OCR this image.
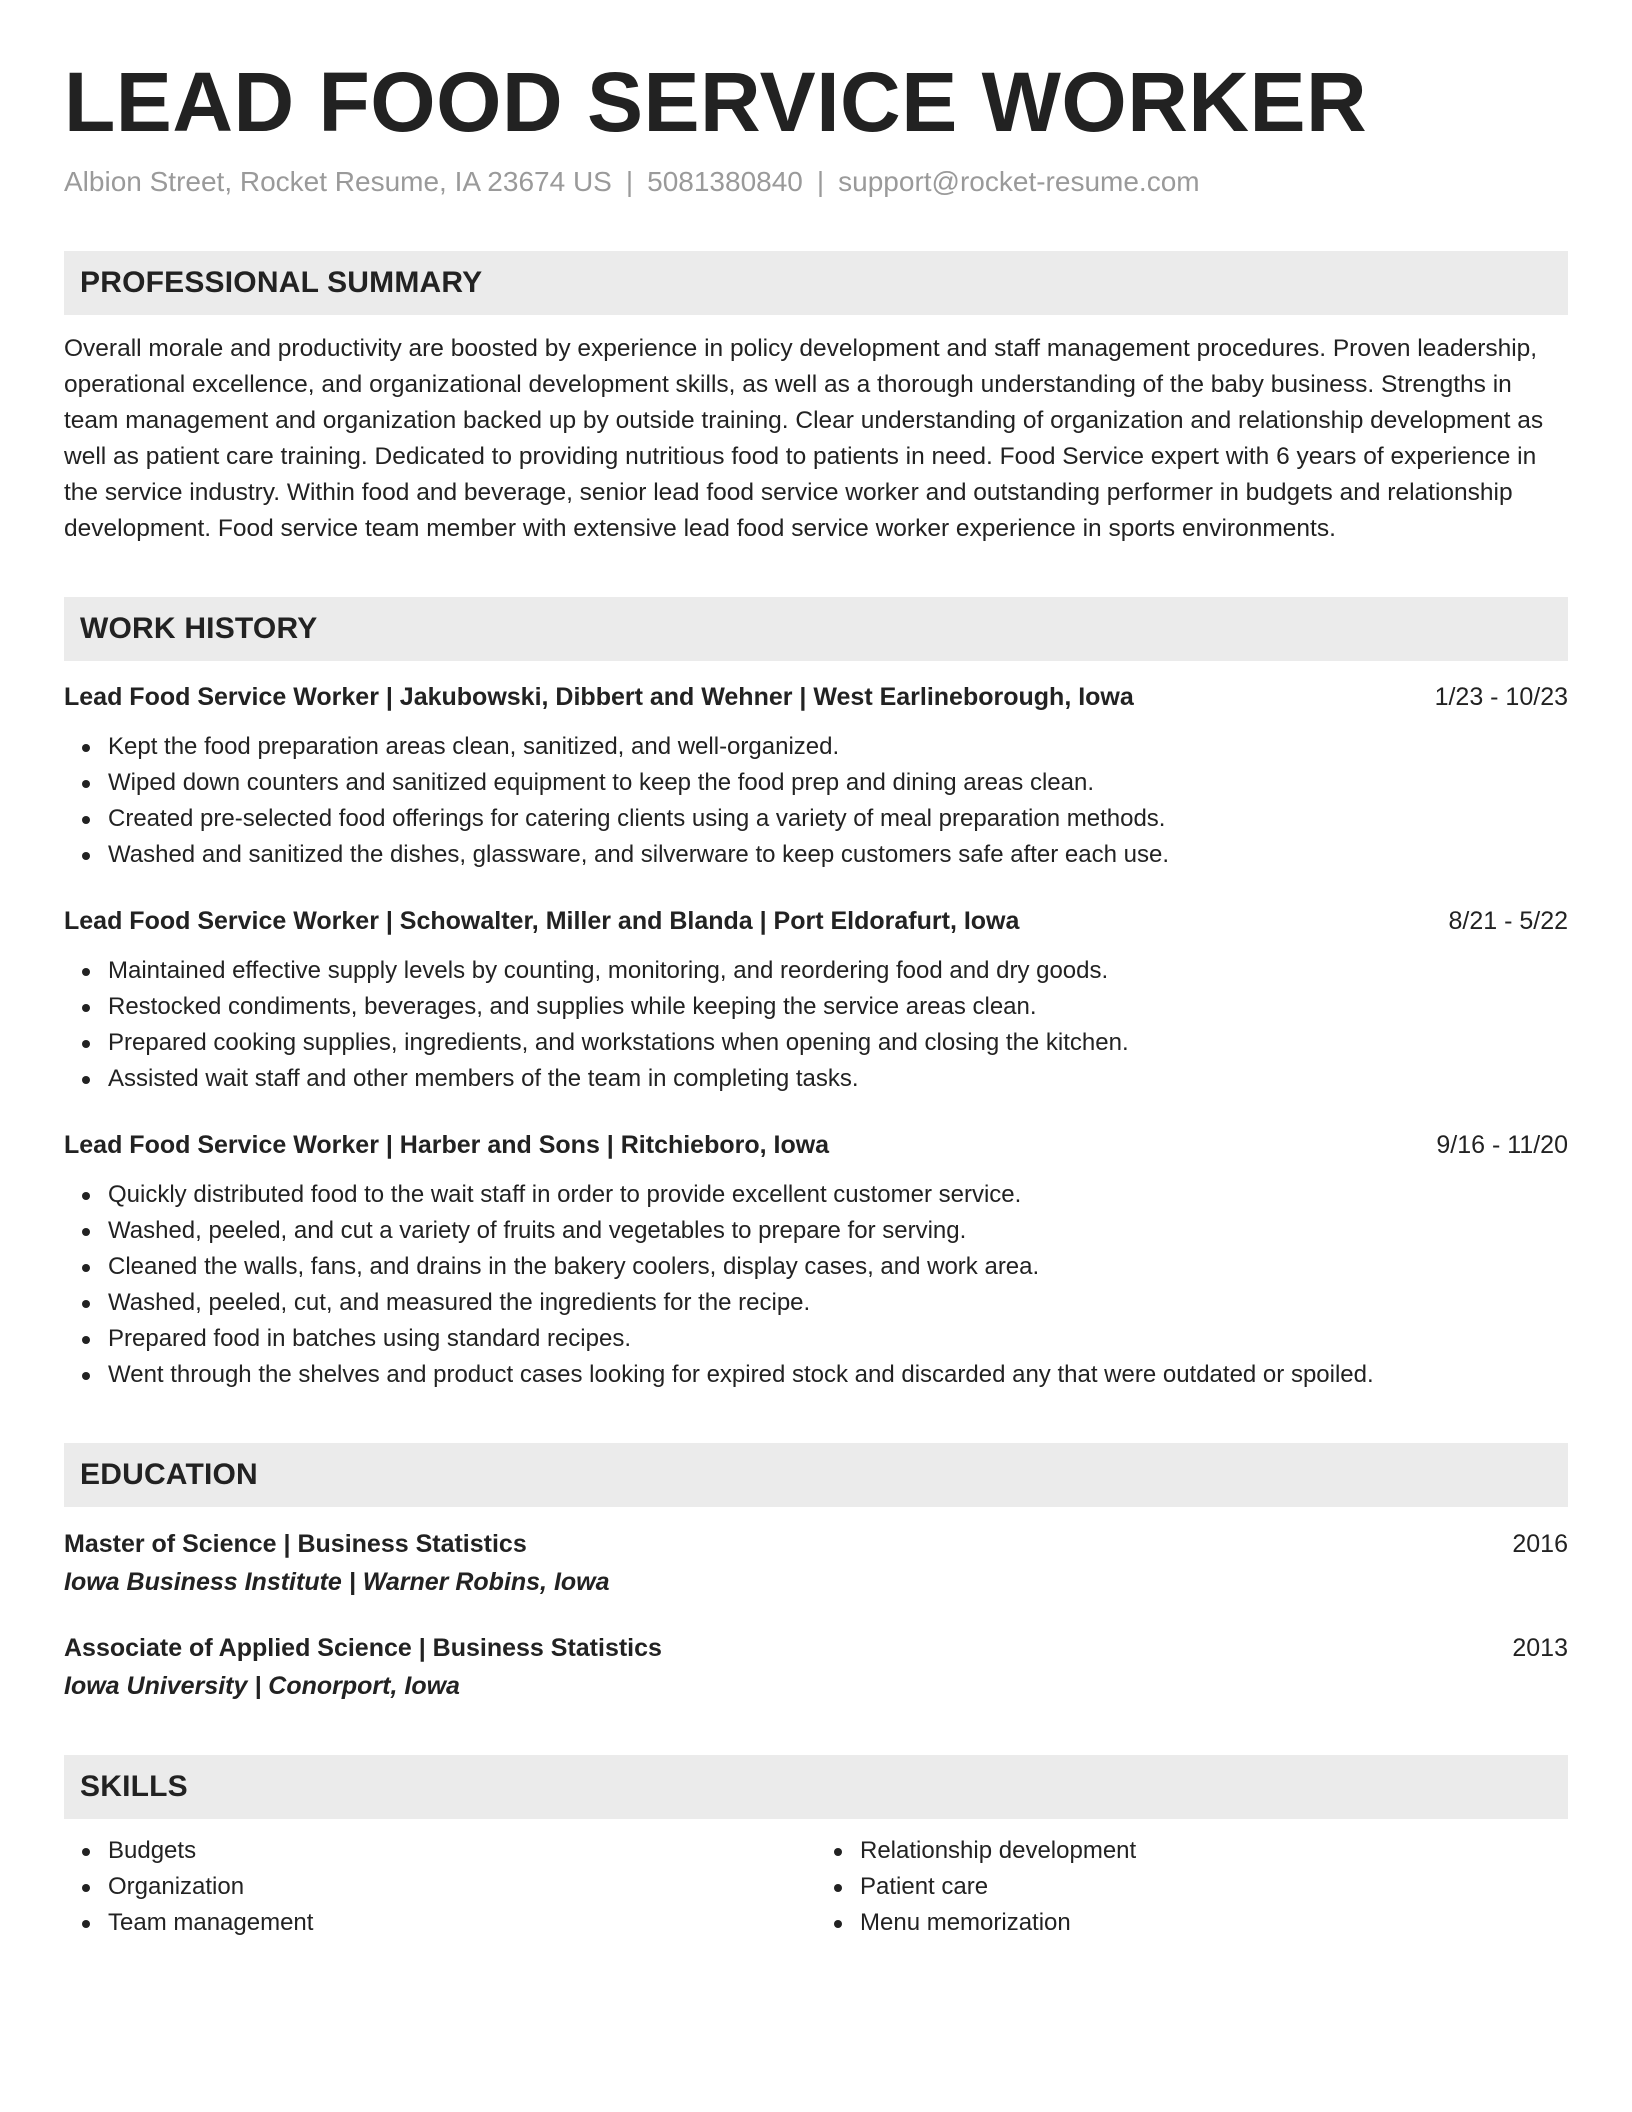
LEAD FOOD SERVICE WORKER
Albion Street, Rocket Resume, IA 23674 US | 5081380840 | support@rocket-resume.com
PROFESSIONAL SUMMARY
Overall morale and productivity are boosted by experience in policy development and staff management procedures. Proven leadership, operational excellence, and organizational development skills, as well as a thorough understanding of the baby business. Strengths in team management and organization backed up by outside training. Clear understanding of organization and relationship development as well as patient care training. Dedicated to providing nutritious food to patients in need. Food Service expert with 6 years of experience in the service industry. Within food and beverage, senior lead food service worker and outstanding performer in budgets and relationship development. Food service team member with extensive lead food service worker experience in sports environments.
WORK HISTORY
Lead Food Service Worker | Jakubowski, Dibbert and Wehner | West Earlineborough, Iowa	1/23 - 10/23
Kept the food preparation areas clean, sanitized, and well-organized.
Wiped down counters and sanitized equipment to keep the food prep and dining areas clean.
Created pre-selected food offerings for catering clients using a variety of meal preparation methods.
Washed and sanitized the dishes, glassware, and silverware to keep customers safe after each use.
Lead Food Service Worker | Schowalter, Miller and Blanda | Port Eldorafurt, Iowa	8/21 - 5/22
Maintained effective supply levels by counting, monitoring, and reordering food and dry goods.
Restocked condiments, beverages, and supplies while keeping the service areas clean.
Prepared cooking supplies, ingredients, and workstations when opening and closing the kitchen.
Assisted wait staff and other members of the team in completing tasks.
Lead Food Service Worker | Harber and Sons | Ritchieboro, Iowa	9/16 - 11/20
Quickly distributed food to the wait staff in order to provide excellent customer service.
Washed, peeled, and cut a variety of fruits and vegetables to prepare for serving.
Cleaned the walls, fans, and drains in the bakery coolers, display cases, and work area.
Washed, peeled, cut, and measured the ingredients for the recipe.
Prepared food in batches using standard recipes.
Went through the shelves and product cases looking for expired stock and discarded any that were outdated or spoiled.
EDUCATION
Master of Science | Business Statistics	2016
Iowa Business Institute | Warner Robins, Iowa
Associate of Applied Science | Business Statistics	2013
Iowa University | Conorport, Iowa
SKILLS
Budgets
Organization
Team management
Relationship development
Patient care
Menu memorization
